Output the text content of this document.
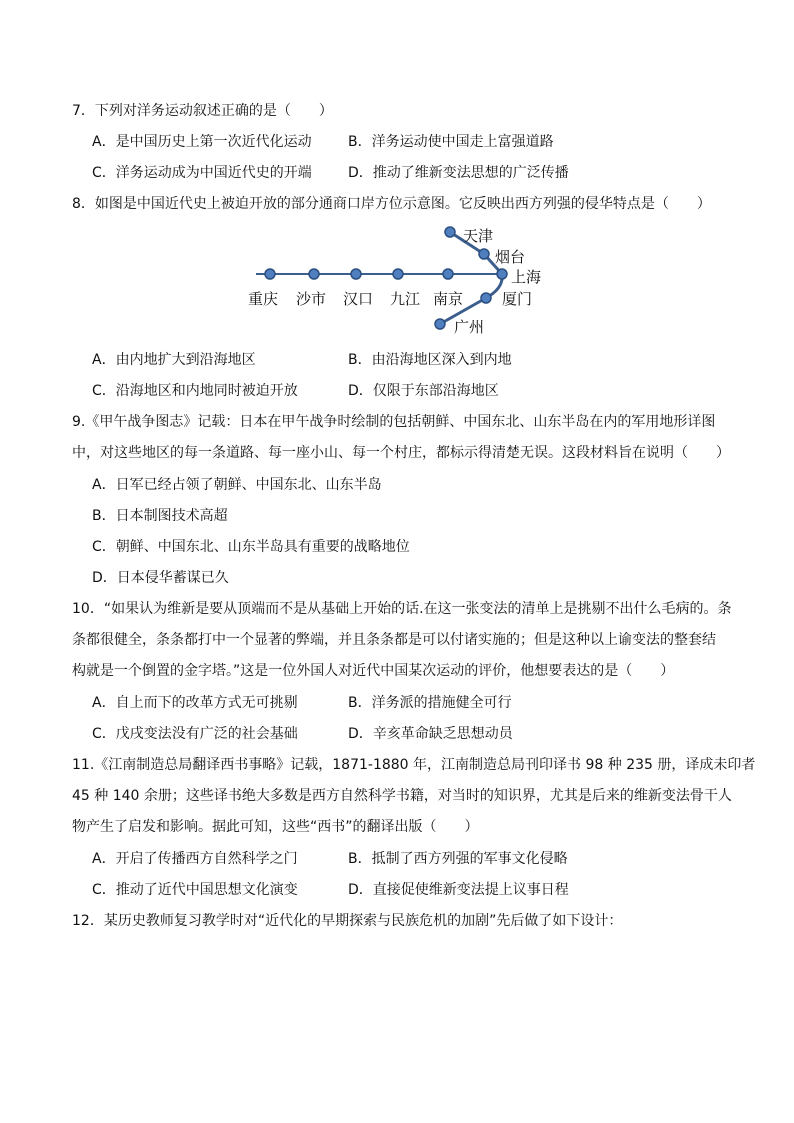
7．下列对洋务运动叙述正确的是（　　）
A．是中国历史上第一次近代化运动	B．洋务运动使中国走上富强道路
C．洋务运动成为中国近代史的开端	D．推动了维新变法思想的广泛传播
8．如图是中国近代史上被迫开放的部分通商口岸方位示意图。它反映出西方列强的侵华特点是（　　）
天津
烟台
上海
厦门
广州
重庆 沙市 汉口 九江 南京
A．由内地扩大到沿海地区	B．由沿海地区深入到内地
C．沿海地区和内地同时被迫开放	D．仅限于东部沿海地区
9.《甲午战争图志》记载：日本在甲午战争时绘制的包括朝鲜、中国东北、山东半岛在内的军用地形详图
中，对这些地区的每一条道路、每一座小山、每一个村庄，都标示得清楚无误。这段材料旨在说明（　　）
A．日军已经占领了朝鲜、中国东北、山东半岛
B．日本制图技术高超
C．朝鲜、中国东北、山东半岛具有重要的战略地位
D．日本侵华蓄谋已久
10．“如果认为维新是要从顶端而不是从基础上开始的话.在这一张变法的清单上是挑剔不出什么毛病的。条
条都很健全，条条都打中一个显著的弊端，并且条条都是可以付诸实施的；但是这种以上谕变法的整套结
构就是一个倒置的金字塔。”这是一位外国人对近代中国某次运动的评价，他想要表达的是（　　）
A．自上而下的改革方式无可挑剔	B．洋务派的措施健全可行
C．戊戌变法没有广泛的社会基础	D．辛亥革命缺乏思想动员
11.《江南制造总局翻译西书事略》记载，1871-1880 年，江南制造总局刊印译书 98 种 235 册，译成未印者
45 种 140 余册；这些译书绝大多数是西方自然科学书籍，对当时的知识界，尤其是后来的维新变法骨干人
物产生了启发和影响。据此可知，这些“西书”的翻译出版（　　）
A．开启了传播西方自然科学之门	B．抵制了西方列强的军事文化侵略
C．推动了近代中国思想文化演变	D．直接促使维新变法提上议事日程
12．某历史教师复习教学时对“近代化的早期探索与民族危机的加剧”先后做了如下设计：
